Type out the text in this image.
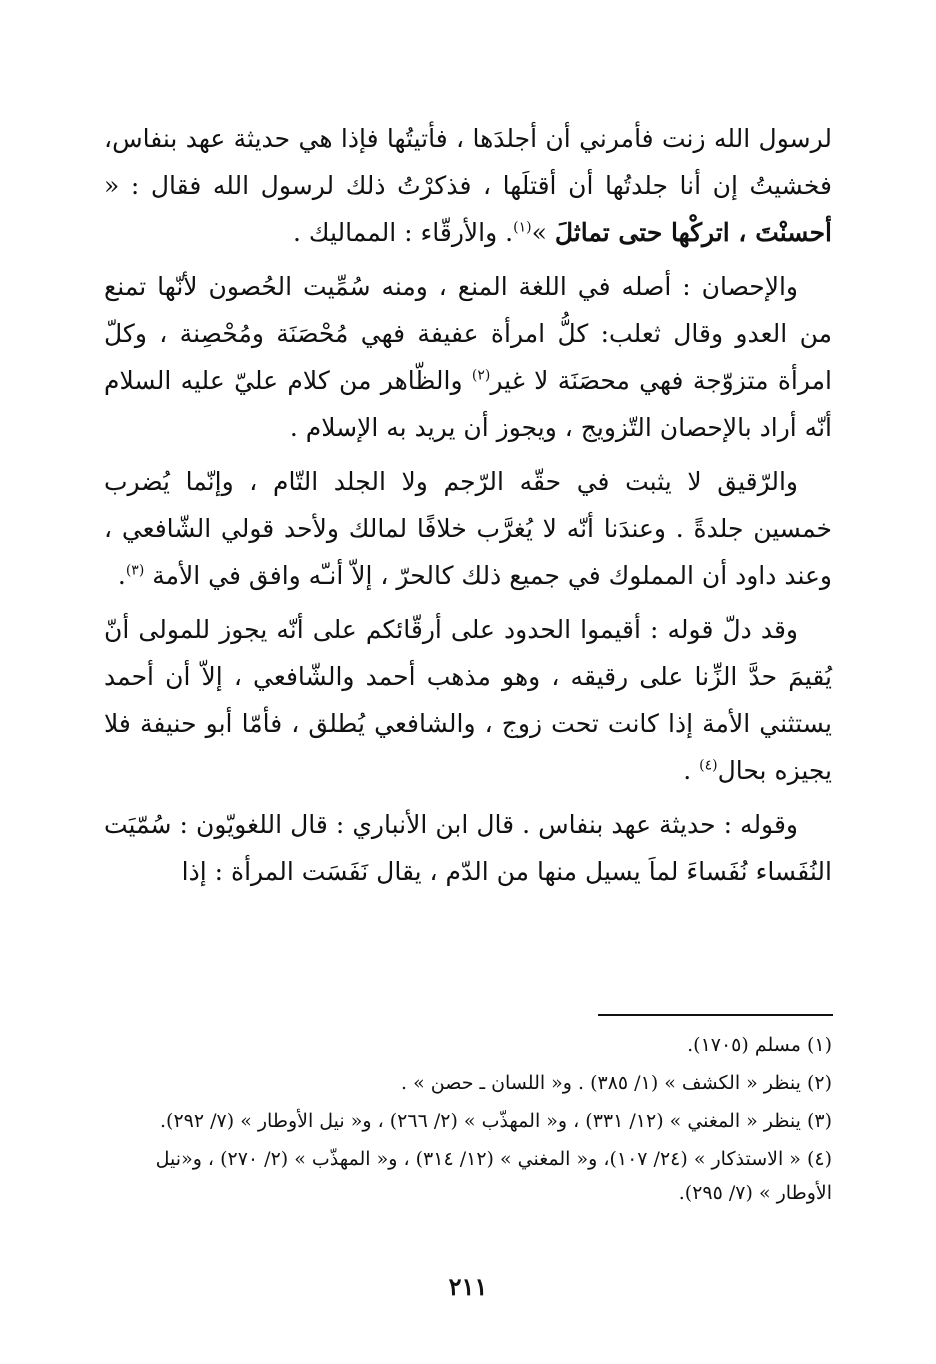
لرسول الله زنت فأمرني أن أجلدَها ، فأتيتُها فإذا هي حديثة عهد بنفاس، فخشيتُ إن أنا جلدتُها أن أقتلَها ، فذكرْتُ ذلك لرسول الله فقال : « أحسنْتَ ، اتركْها حتى تماثلَ »$^{(١)}$. والأرقّاء : المماليك .

والإحصان : أصله في اللغة المنع ، ومنه سُمِّيت الحُصون لأنّها تمنع من العدو وقال ثعلب: كلُّ امرأة عفيفة فهي مُحْصَنَة ومُحْصِنة ، وكلّ امرأة متزوّجة فهي محصَنَة لا غير$^{(٢)}$ والظّاهر من كلام عليّ عليه السلام أنّه أراد بالإحصان التّزويج ، ويجوز أن يريد به الإسلام .

والرّقيق لا يثبت في حقّه الرّجم ولا الجلد التّام ، وإنّما يُضرب خمسين جلدةً . وعندَنا أنّه لا يُغرَّب خلافًا لمالك ولأحد قولي الشّافعي ، وعند داود أن المملوك في جميع ذلك كالحرّ ، إلاّ أنـّه وافق في الأمة $^{(٣)}$.

وقد دلّ قوله : أقيموا الحدود على أرقّائكم على أنّه يجوز للمولى أنّ يُقيمَ حدَّ الزِّنا على رقيقه ، وهو مذهب أحمد والشّافعي ، إلاّ أن أحمد يستثني الأمة إذا كانت تحت زوج ، والشافعي يُطلق ، فأمّا أبو حنيفة فلا يجيزه بحال$^{(٤)}$ .

وقوله : حديثة عهد بنفاس . قال ابن الأنباري : قال اللغويّون : سُمّيَت النُفَساء نُفَساءَ لماَ يسيل منها من الدّم ، يقال نَفَسَت المرأة : إذا

(١) مسلم (١٧٠٥).

(٢) ينظر « الكشف » (١/ ٣٨٥) . و« اللسان ـ حصن » .

(٣) ينظر « المغني » (١٢/ ٣٣١) ، و« المهذّب » (٢/ ٢٦٦) ، و« نيل الأوطار » (٧/ ٢٩٢).

(٤) « الاستذكار » (٢٤/ ١٠٧)، و« المغني » (١٢/ ٣١٤) ، و« المهذّب » (٢/ ٢٧٠) ، و«نيل الأوطار » (٧/ ٢٩٥).

٢١١
